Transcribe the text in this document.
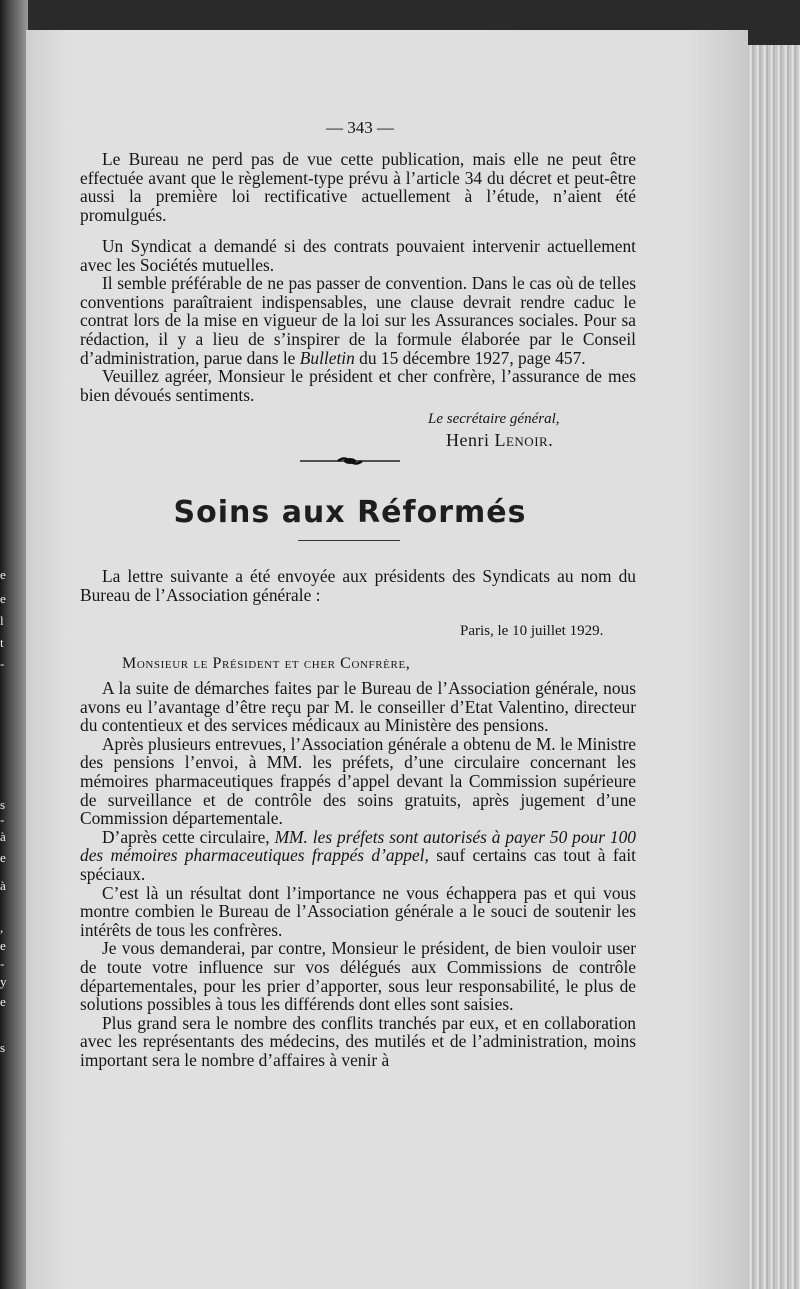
e
e
l
t
-
s
-
à
e
à
,
e
-
y
e
s
— 343 —

Le Bureau ne perd pas de vue cette publication, mais elle ne peut être effectuée avant que le règlement-type prévu à l’article 34 du décret et peut-être aussi la première loi rectificative actuellement à l’étude, n’aient été promulgués.

Un Syndicat a demandé si des contrats pouvaient intervenir actuellement avec les Sociétés mutuelles.

Il semble préférable de ne pas passer de convention. Dans le cas où de telles conventions paraîtraient indispensables, une clause devrait rendre caduc le contrat lors de la mise en vigueur de la loi sur les Assurances sociales. Pour sa rédaction, il y a lieu de s’inspirer de la formule élaborée par le Conseil d’administration, parue dans le Bulletin du 15 décembre 1927, page 457.

Veuillez agréer, Monsieur le président et cher confrère, l’assurance de mes bien dévoués sentiments.

Le secrétaire général,
Henri Lenoir.
Soins aux Réformés

La lettre suivante a été envoyée aux présidents des Syndicats au nom du Bureau de l’Association générale :

Paris, le 10 juillet 1929.
Monsieur le Président et cher Confrère,

A la suite de démarches faites par le Bureau de l’Association générale, nous avons eu l’avantage d’être reçu par M. le conseiller d’Etat Valentino, directeur du contentieux et des services médicaux au Ministère des pensions.

Après plusieurs entrevues, l’Association générale a obtenu de M. le Ministre des pensions l’envoi, à MM. les préfets, d’une circulaire concernant les mémoires pharmaceutiques frappés d’appel devant la Commission supérieure de surveillance et de contrôle des soins gratuits, après jugement d’une Commission départementale.

D’après cette circulaire, MM. les préfets sont autorisés à payer 50 pour 100 des mémoires pharmaceutiques frappés d’appel, sauf certains cas tout à fait spéciaux.

C’est là un résultat dont l’importance ne vous échappera pas et qui vous montre combien le Bureau de l’Association générale a le souci de soutenir les intérêts de tous les confrères.

Je vous demanderai, par contre, Monsieur le président, de bien vouloir user de toute votre influence sur vos délégués aux Commissions de contrôle départementales, pour les prier d’apporter, sous leur responsabilité, le plus de solutions possibles à tous les différends dont elles sont saisies.

Plus grand sera le nombre des conflits tranchés par eux, et en collaboration avec les représentants des médecins, des mutilés et de l’administration, moins important sera le nombre d’affaires à venir à
